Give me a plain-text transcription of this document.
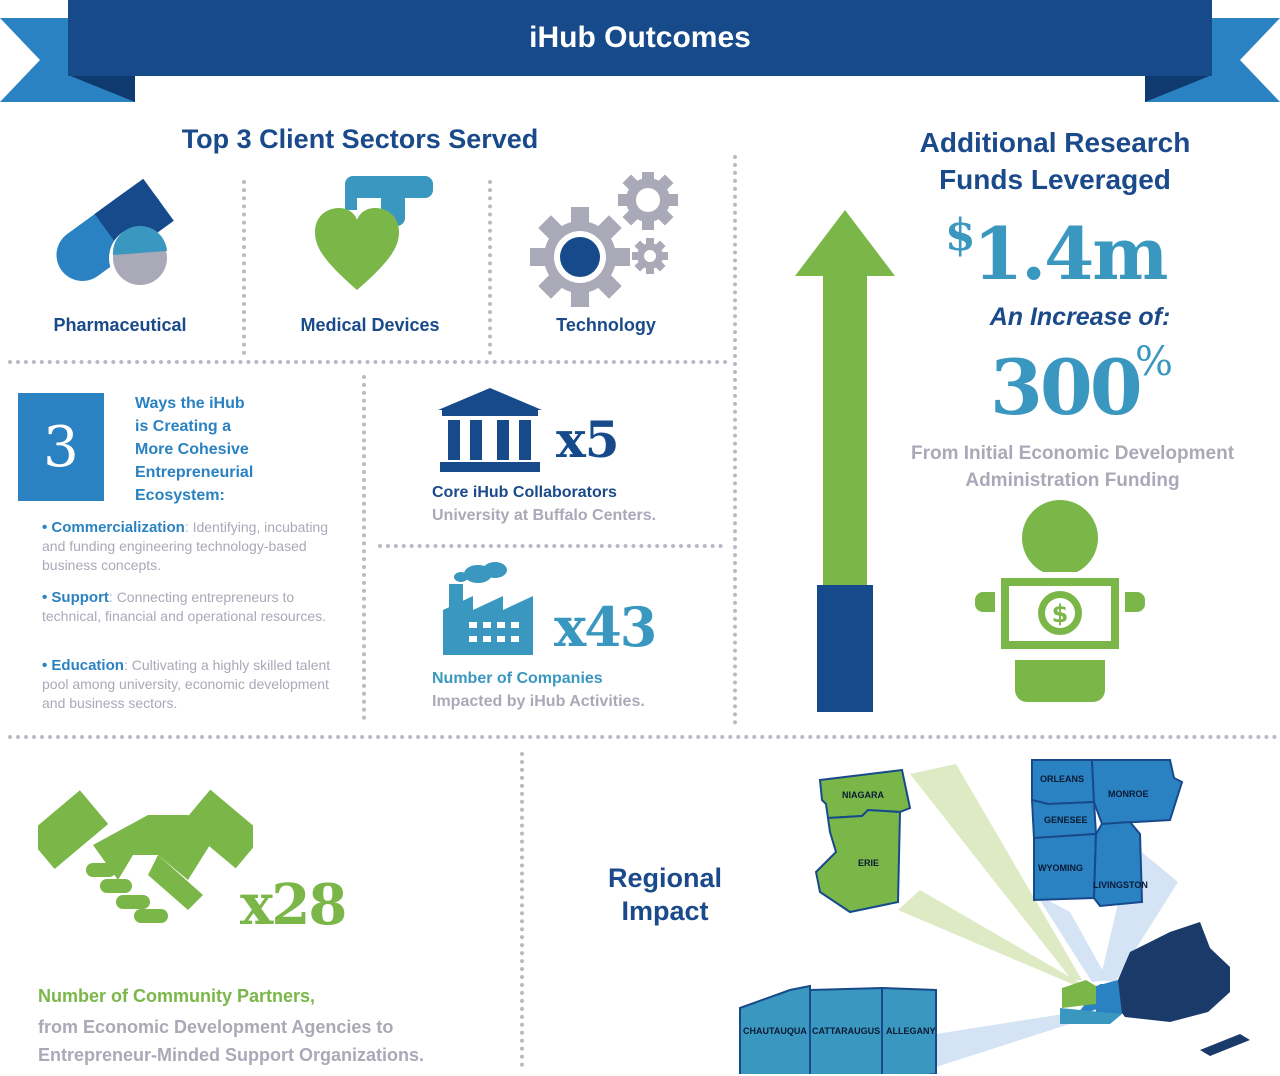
iHub Outcomes
Top 3 Client Sectors Served
Pharmaceutical	Medical Devices	Technology
Additional Research
Funds Leveraged
$
1.4m
An Increase of:
300
%
From Initial Economic Development
Administration Funding
$
3
Ways the iHub
is Creating a
More Cohesive
Entrepreneurial
Ecosystem:
• Commercialization: Identifying, incubating and funding engineering technology-based business concepts.
• Support: Connecting entrepreneurs to technical, financial and operational resources.
• Education: Cultivating a highly skilled talent pool among university, economic development and business sectors.
x5
Core iHub Collaborators
University at Buffalo Centers.
x43
Number of Companies
Impacted by iHub Activities.
x28
Number of Community Partners,
from Economic Development Agencies to
Entrepreneur-Minded Support Organizations.
Regional
Impact
NIAGARA
ERIE
ORLEANS
MONROE
GENESEE
WYOMING
LIVINGSTON
CHAUTAUQUA CATTARAUGUS ALLEGANY
